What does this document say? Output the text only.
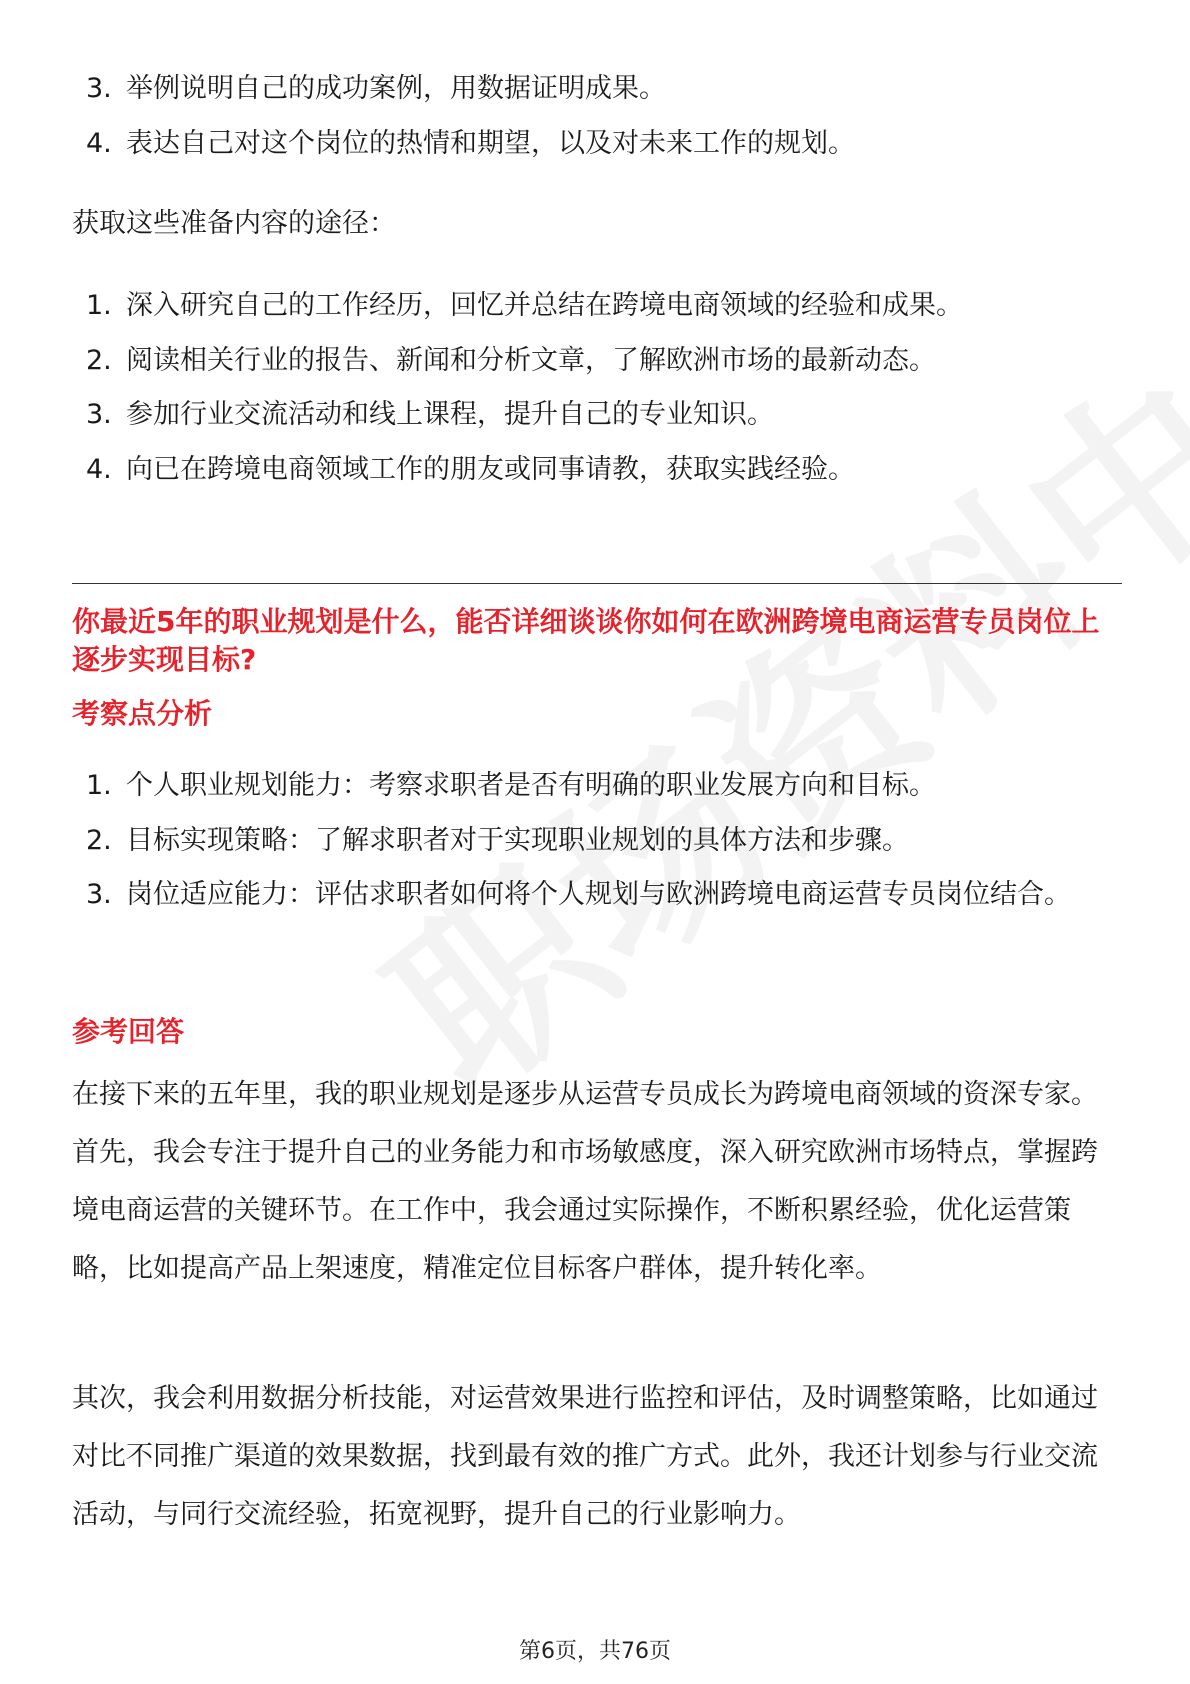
3. 举例说明自己的成功案例，用数据证明成果。
4. 表达自己对这个岗位的热情和期望，以及对未来工作的规划。
获取这些准备内容的途径：
1. 深入研究自己的工作经历，回忆并总结在跨境电商领域的经验和成果。
2. 阅读相关行业的报告、新闻和分析文章，了解欧洲市场的最新动态。
3. 参加行业交流活动和线上课程，提升自己的专业知识。
4. 向已在跨境电商领域工作的朋友或同事请教，获取实践经验。
你最近5年的职业规划是什么，能否详细谈谈你如何在欧洲跨境电商运营专员岗位上逐步实现目标?
考察点分析
1. 个人职业规划能力：考察求职者是否有明确的职业发展方向和目标。
2. 目标实现策略：了解求职者对于实现职业规划的具体方法和步骤。
3. 岗位适应能力：评估求职者如何将个人规划与欧洲跨境电商运营专员岗位结合。
参考回答
在接下来的五年里，我的职业规划是逐步从运营专员成长为跨境电商领域的资深专家。首先，我会专注于提升自己的业务能力和市场敏感度，深入研究欧洲市场特点，掌握跨境电商运营的关键环节。在工作中，我会通过实际操作，不断积累经验，优化运营策略，比如提高产品上架速度，精准定位目标客户群体，提升转化率。
其次，我会利用数据分析技能，对运营效果进行监控和评估，及时调整策略，比如通过对比不同推广渠道的效果数据，找到最有效的推广方式。此外，我还计划参与行业交流活动，与同行交流经验，拓宽视野，提升自己的行业影响力。
第6页，共76页
